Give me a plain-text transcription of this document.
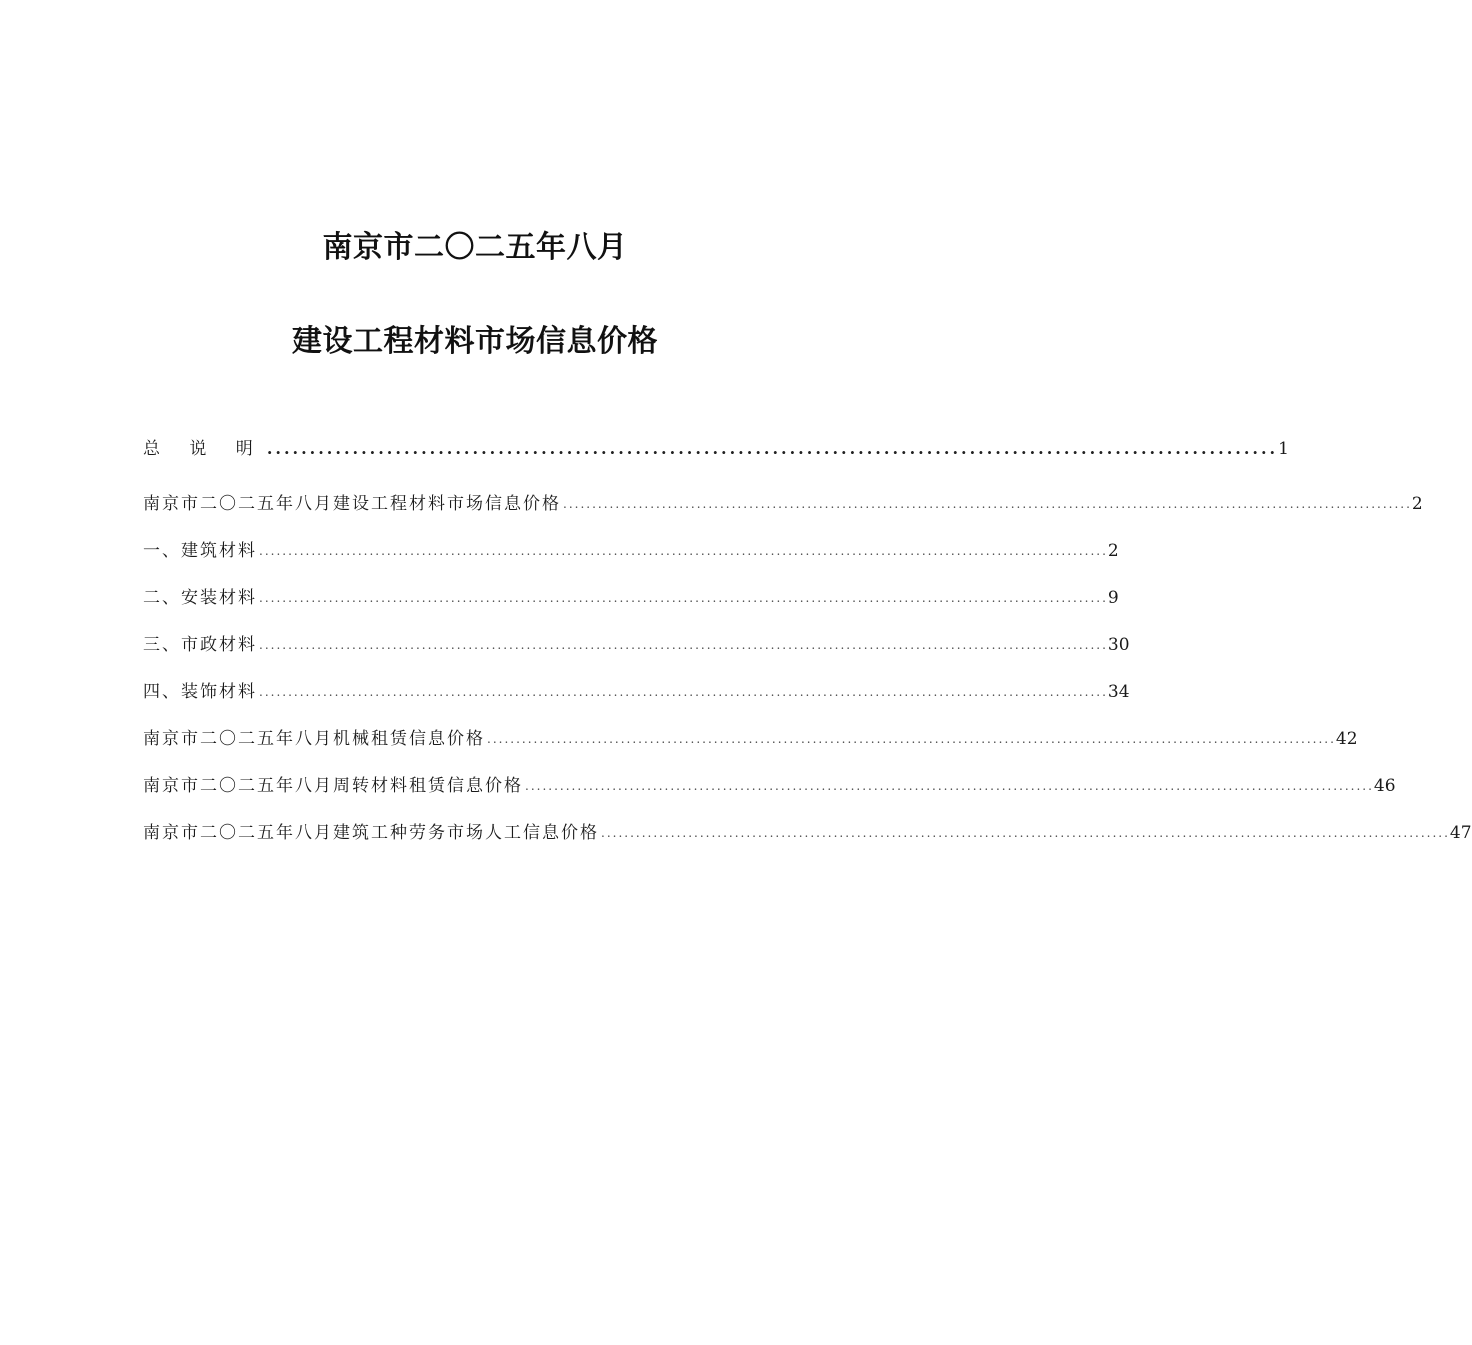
南京市二〇二五年八月
建设工程材料市场信息价格
总 说 明 ...................................................................................................................... 1
南京市二〇二五年八月建设工程材料市场信息价格 .................................................................................................................................................. 2
一、建筑材料 .................................................................................................................................................. 2
二、安装材料 .................................................................................................................................................. 9
三、市政材料 .................................................................................................................................................. 30
四、装饰材料 .................................................................................................................................................. 34
南京市二〇二五年八月机械租赁信息价格 .................................................................................................................................................. 42
南京市二〇二五年八月周转材料租赁信息价格 .................................................................................................................................................. 46
南京市二〇二五年八月建筑工种劳务市场人工信息价格 .................................................................................................................................................. 47
